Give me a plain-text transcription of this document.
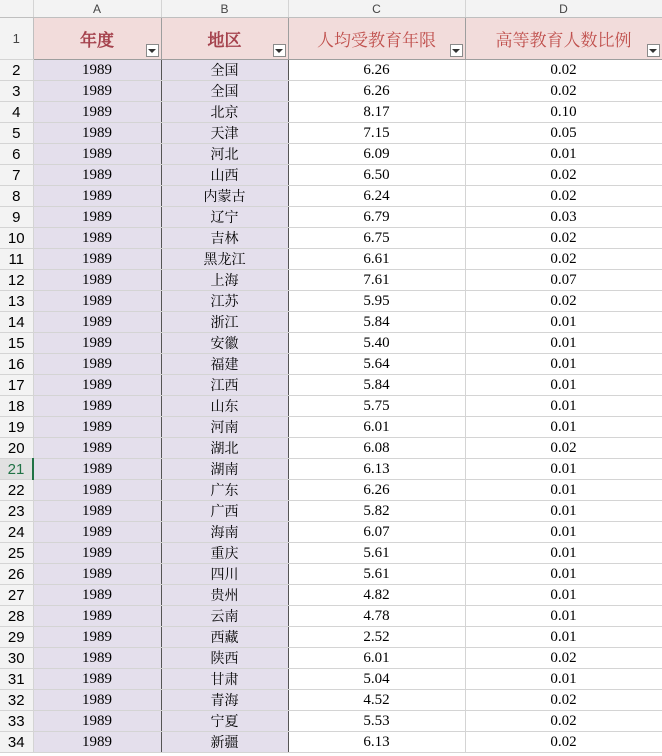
	A	B	C	D
1	年度	地区	人均受教育年限	高等教育人数比例

2	1989	全国	6.26	0.02
3	1989	全国	6.26	0.02
4	1989	北京	8.17	0.10
5	1989	天津	7.15	0.05
6	1989	河北	6.09	0.01
7	1989	山西	6.50	0.02
8	1989	内蒙古	6.24	0.02
9	1989	辽宁	6.79	0.03
10	1989	吉林	6.75	0.02
11	1989	黑龙江	6.61	0.02
12	1989	上海	7.61	0.07
13	1989	江苏	5.95	0.02
14	1989	浙江	5.84	0.01
15	1989	安徽	5.40	0.01
16	1989	福建	5.64	0.01
17	1989	江西	5.84	0.01
18	1989	山东	5.75	0.01
19	1989	河南	6.01	0.01
20	1989	湖北	6.08	0.02
21	1989	湖南	6.13	0.01
22	1989	广东	6.26	0.01
23	1989	广西	5.82	0.01
24	1989	海南	6.07	0.01
25	1989	重庆	5.61	0.01
26	1989	四川	5.61	0.01
27	1989	贵州	4.82	0.01
28	1989	云南	4.78	0.01
29	1989	西藏	2.52	0.01
30	1989	陕西	6.01	0.02
31	1989	甘肃	5.04	0.01
32	1989	青海	4.52	0.02
33	1989	宁夏	5.53	0.02
34	1989	新疆	6.13	0.02
